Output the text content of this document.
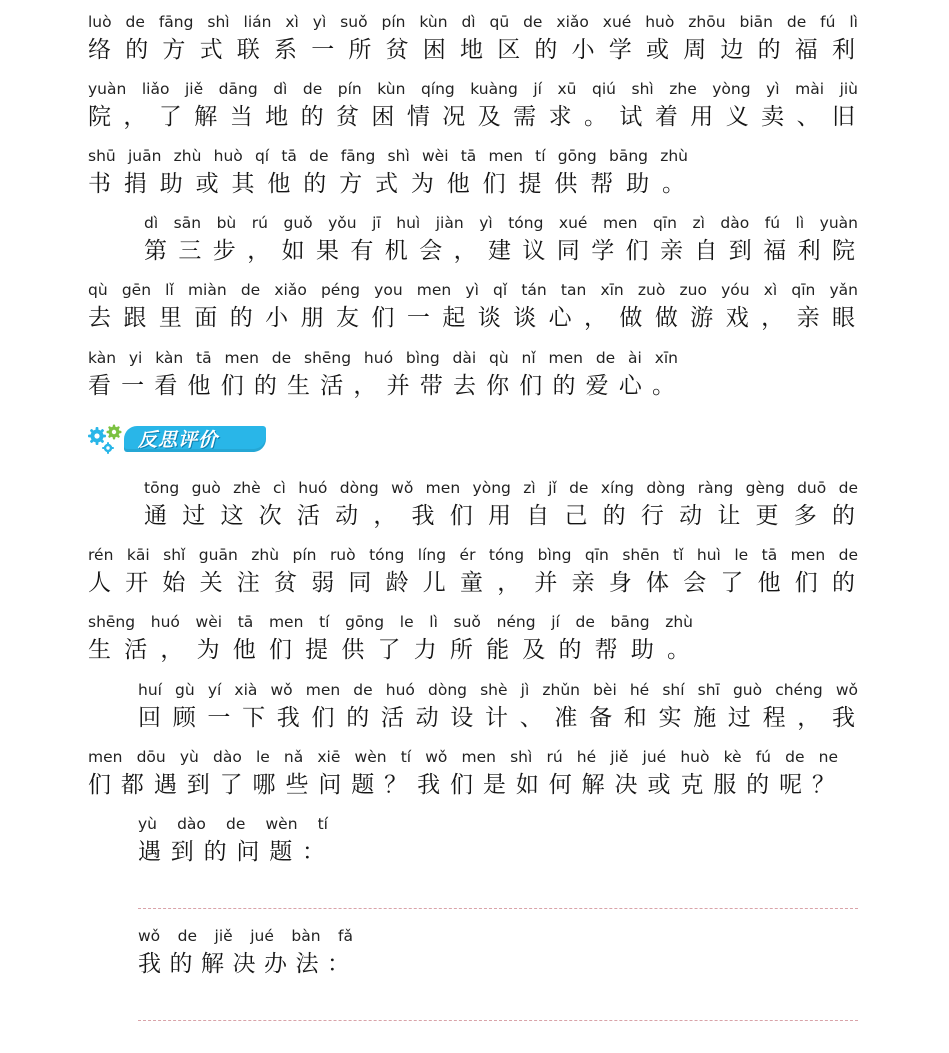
luò de fāng shì lián xì yì suǒ pín kùn dì qū de xiǎo xué huò zhōu biān de fú lì
络的方式联系一所贫困地区的小学或周边的福利
yuàn liǎo jiě dāng dì de pín kùn qíng kuàng jí xū qiú shì zhe yòng yì mài jiù
院，了解当地的贫困情况及需求。试着用义卖、旧
shū juān zhù huò qí tā de fāng shì wèi tā men tí gōng bāng zhù
书捐助或其他的方式为他们提供帮助。
dì sān bù rú guǒ yǒu jī huì jiàn yì tóng xué men qīn zì dào fú lì yuàn
第三步，如果有机会，建议同学们亲自到福利院
qù gēn lǐ miàn de xiǎo péng you men yì qǐ tán tan xīn zuò zuo yóu xì qīn yǎn
去跟里面的小朋友们一起谈谈心，做做游戏，亲眼
kàn yi kàn tā men de shēng huó bìng dài qù nǐ men de ài xīn
看一看他们的生活，并带去你们的爱心。
反思评价
tōng guò zhè cì huó dòng wǒ men yòng zì jǐ de xíng dòng ràng gèng duō de
通过这次活动，我们用自己的行动让更多的
rén kāi shǐ guān zhù pín ruò tóng líng ér tóng bìng qīn shēn tǐ huì le tā men de
人开始关注贫弱同龄儿童，并亲身体会了他们的
shēng huó wèi tā men tí gōng le lì suǒ néng jí de bāng zhù
生活，为他们提供了力所能及的帮助。
huí gù yí xià wǒ men de huó dòng shè jì zhǔn bèi hé shí shī guò chéng wǒ
回顾一下我们的活动设计、准备和实施过程，我
men dōu yù dào le nǎ xiē wèn tí wǒ men shì rú hé jiě jué huò kè fú de ne
们都遇到了哪些问题？我们是如何解决或克服的呢？
yù dào de wèn tí
遇到的问题：
wǒ de jiě jué bàn fǎ
我的解决办法：
